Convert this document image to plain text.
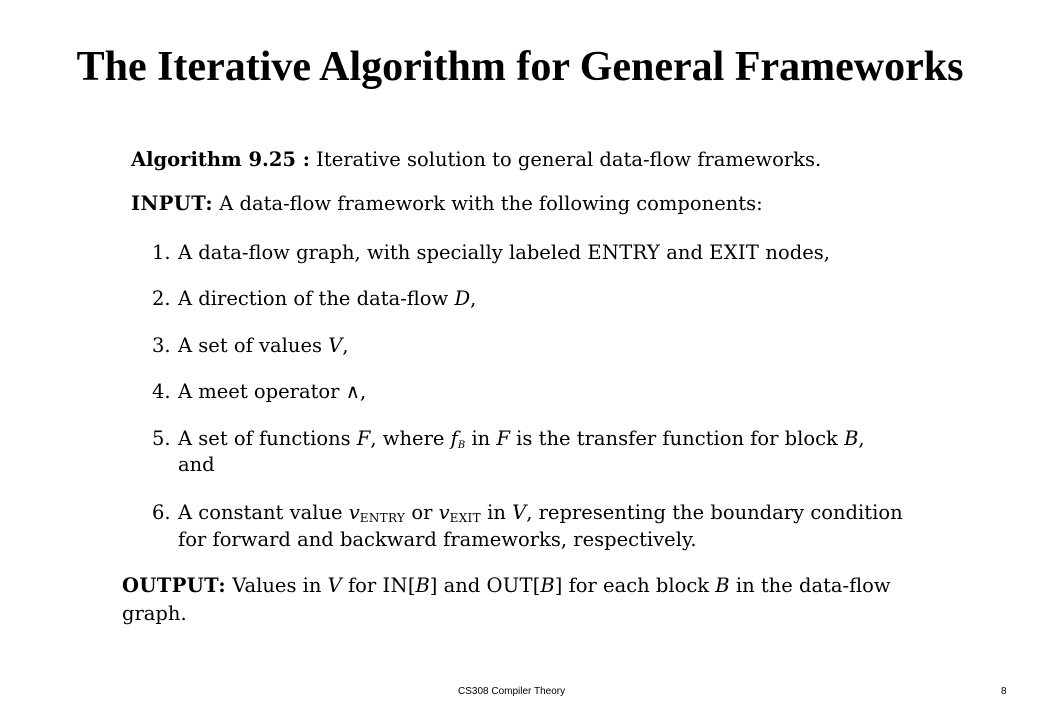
The Iterative Algorithm for General Frameworks
Algorithm 9.25 : Iterative solution to general data-flow frameworks.
INPUT: A data-flow framework with the following components:
1. A data-flow graph, with specially labeled ENTRY and EXIT nodes,
2. A direction of the data-flow D,
3. A set of values V,
4. A meet operator ∧,
5. A set of functions F, where $f_B$ in F is the transfer function for block B,
and
6. A constant value $v_{ENTRY}$ or $v_{EXIT}$ in V, representing the boundary condition
for forward and backward frameworks, respectively.
OUTPUT: Values in V for IN[B] and OUT[B] for each block B in the data-flow
graph.
CS308 Compiler Theory	8
